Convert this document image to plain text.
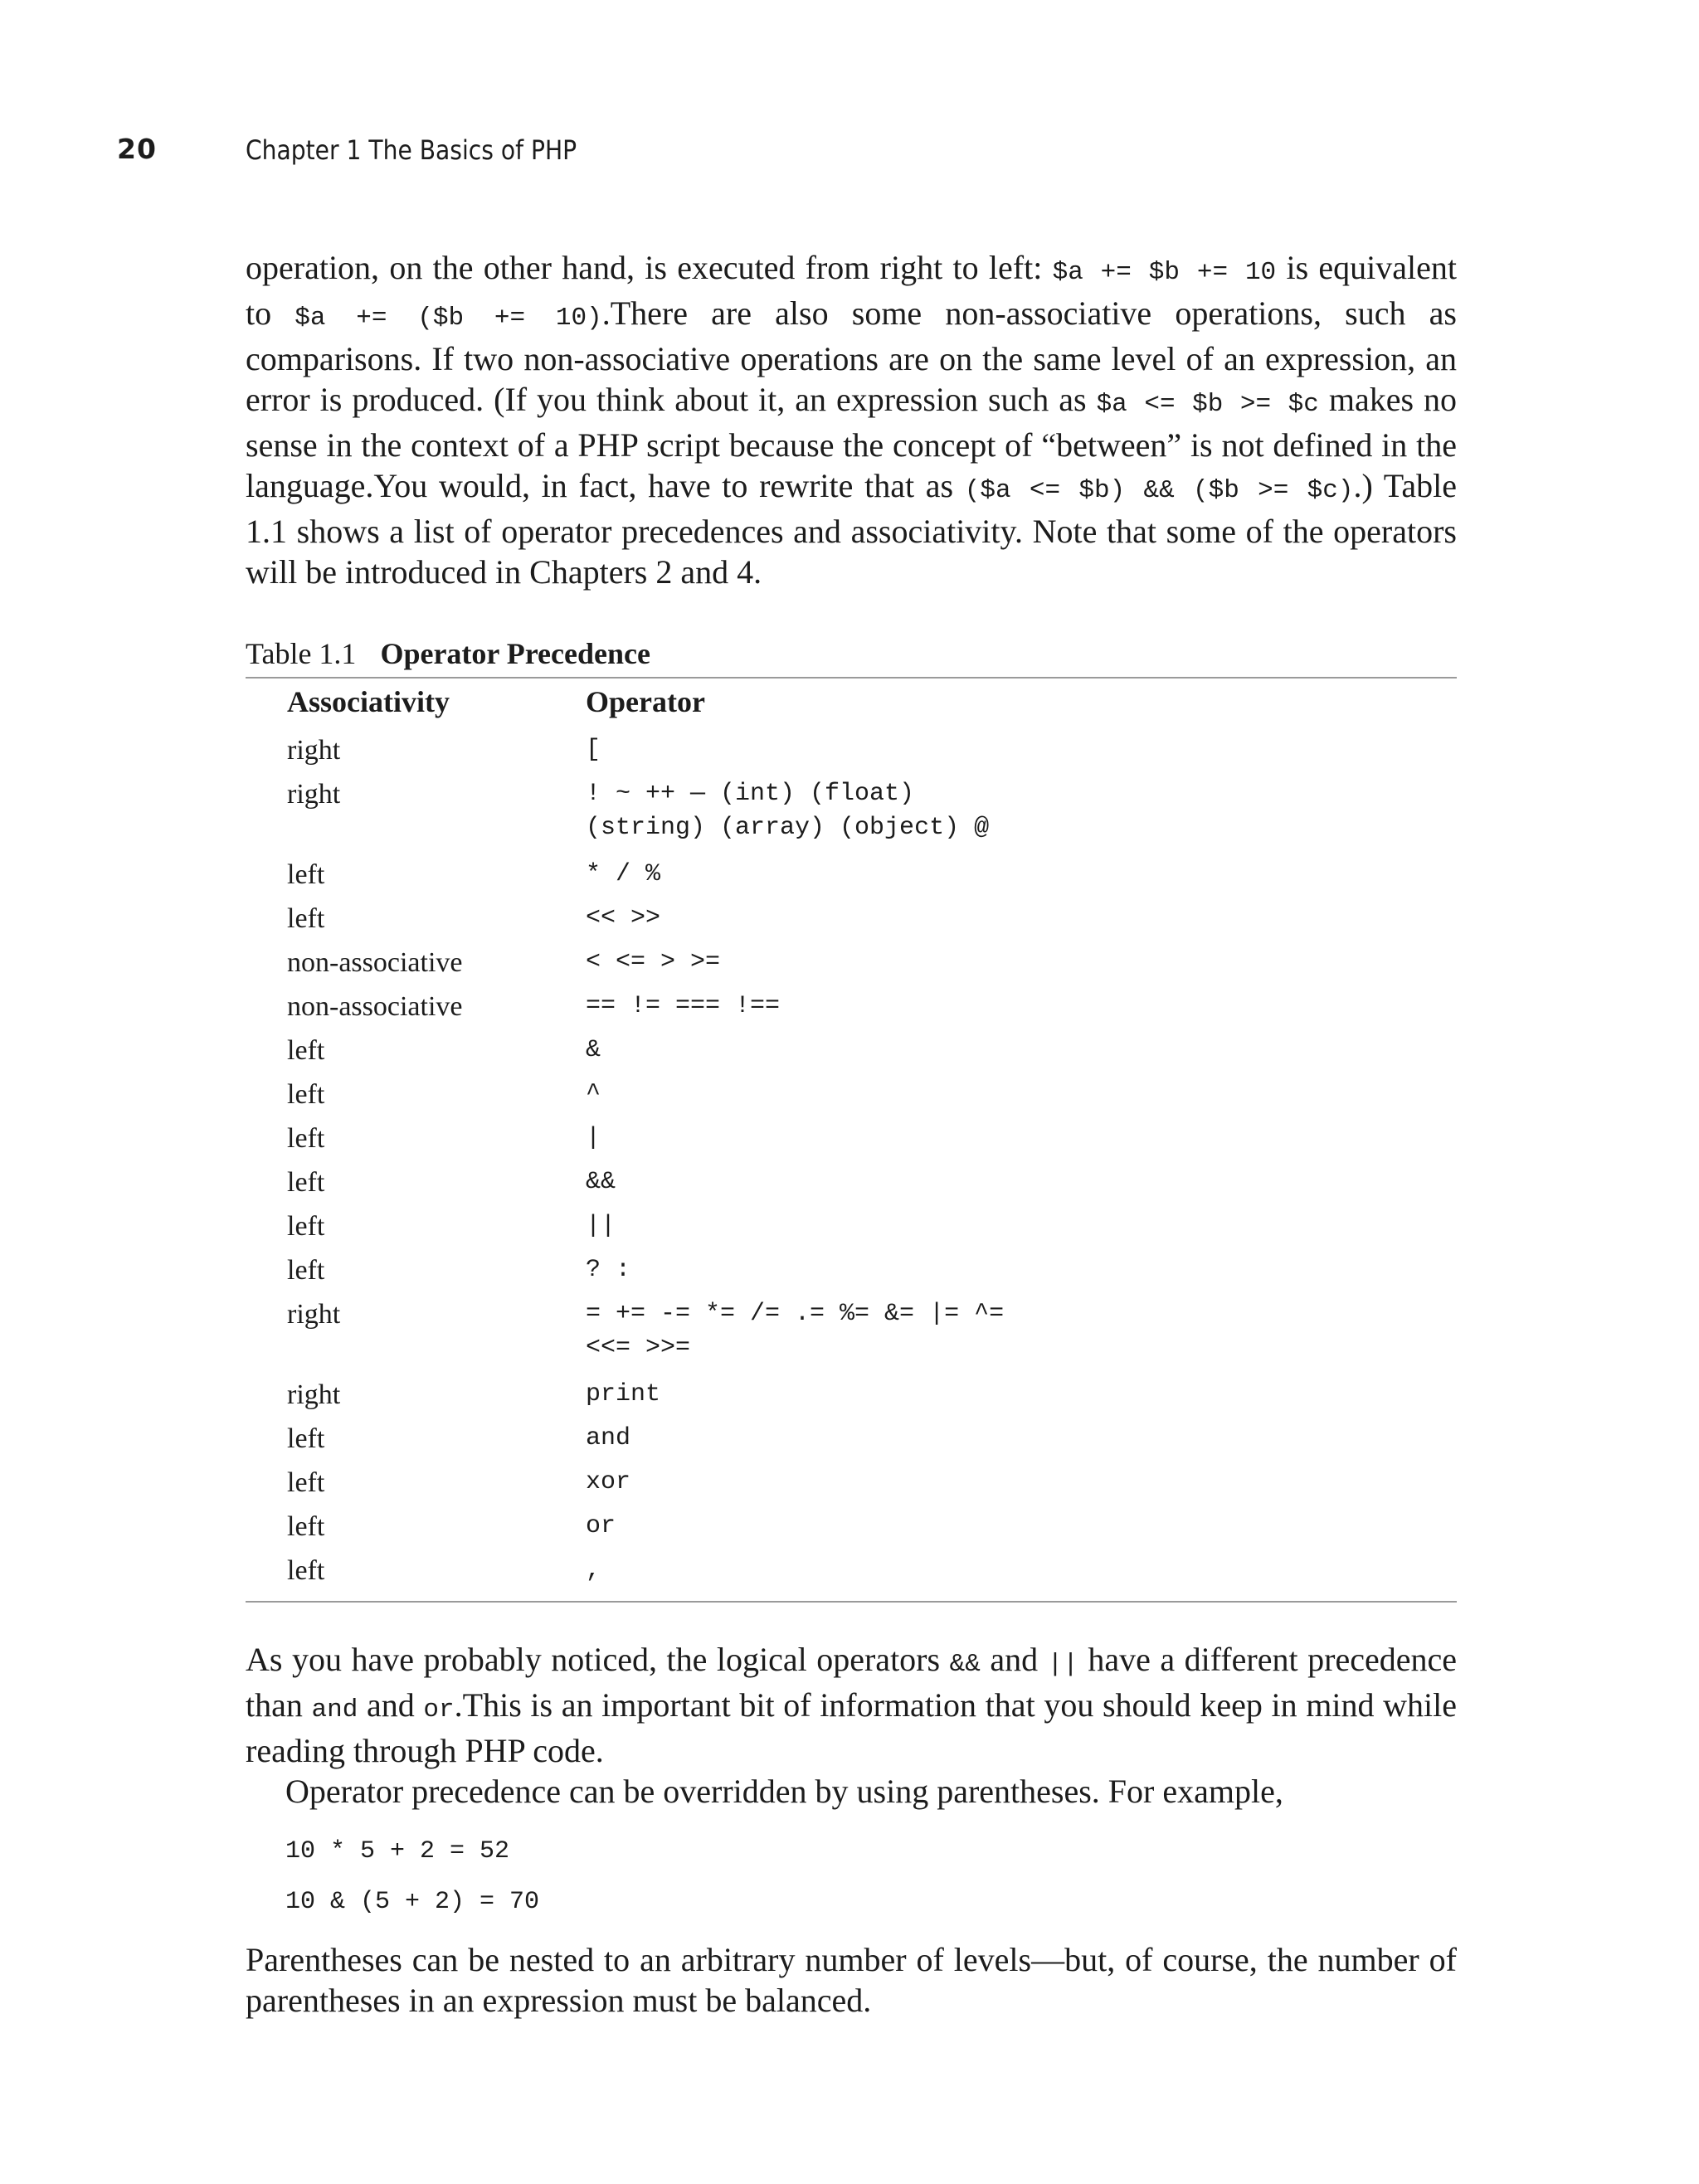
20	Chapter 1 The Basics of PHP

operation, on the other hand, is executed from right to left: $a += $b += 10 is equivalent to $a += ($b += 10).There are also some non-associative operations, such as comparisons. If two non-associative operations are on the same level of an expression, an error is produced. (If you think about it, an expression such as $a <= $b >= $c makes no sense in the context of a PHP script because the concept of “between” is not defined in the language.You would, in fact, have to rewrite that as ($a <= $b) && ($b >= $c).) Table 1.1 shows a list of operator precedences and associativity. Note that some of the operators will be introduced in Chapters 2 and 4.

Table 1.1 Operator Precedence
Associativity	Operator
right	[
right	! ~ ++ — (int) (float)
(string) (array) (object) @

left	* / %
left	<< >>
non-associative	< <= > >=
non-associative	== != === !==
left	&
left	^
left	|
left	&&
left	||
left	? :
right	= += -= *= /= .= %= &= |= ^=
<<= >>=

right	print
left	and
left	xor
left	or
left	,

As you have probably noticed, the logical operators && and || have a different precedence than and and or.This is an important bit of information that you should keep in mind while reading through PHP code.

Operator precedence can be overridden by using parentheses. For example,

10 * 5 + 2 = 52
10 & (5 + 2) = 70

Parentheses can be nested to an arbitrary number of levels—but, of course, the number of parentheses in an expression must be balanced.
